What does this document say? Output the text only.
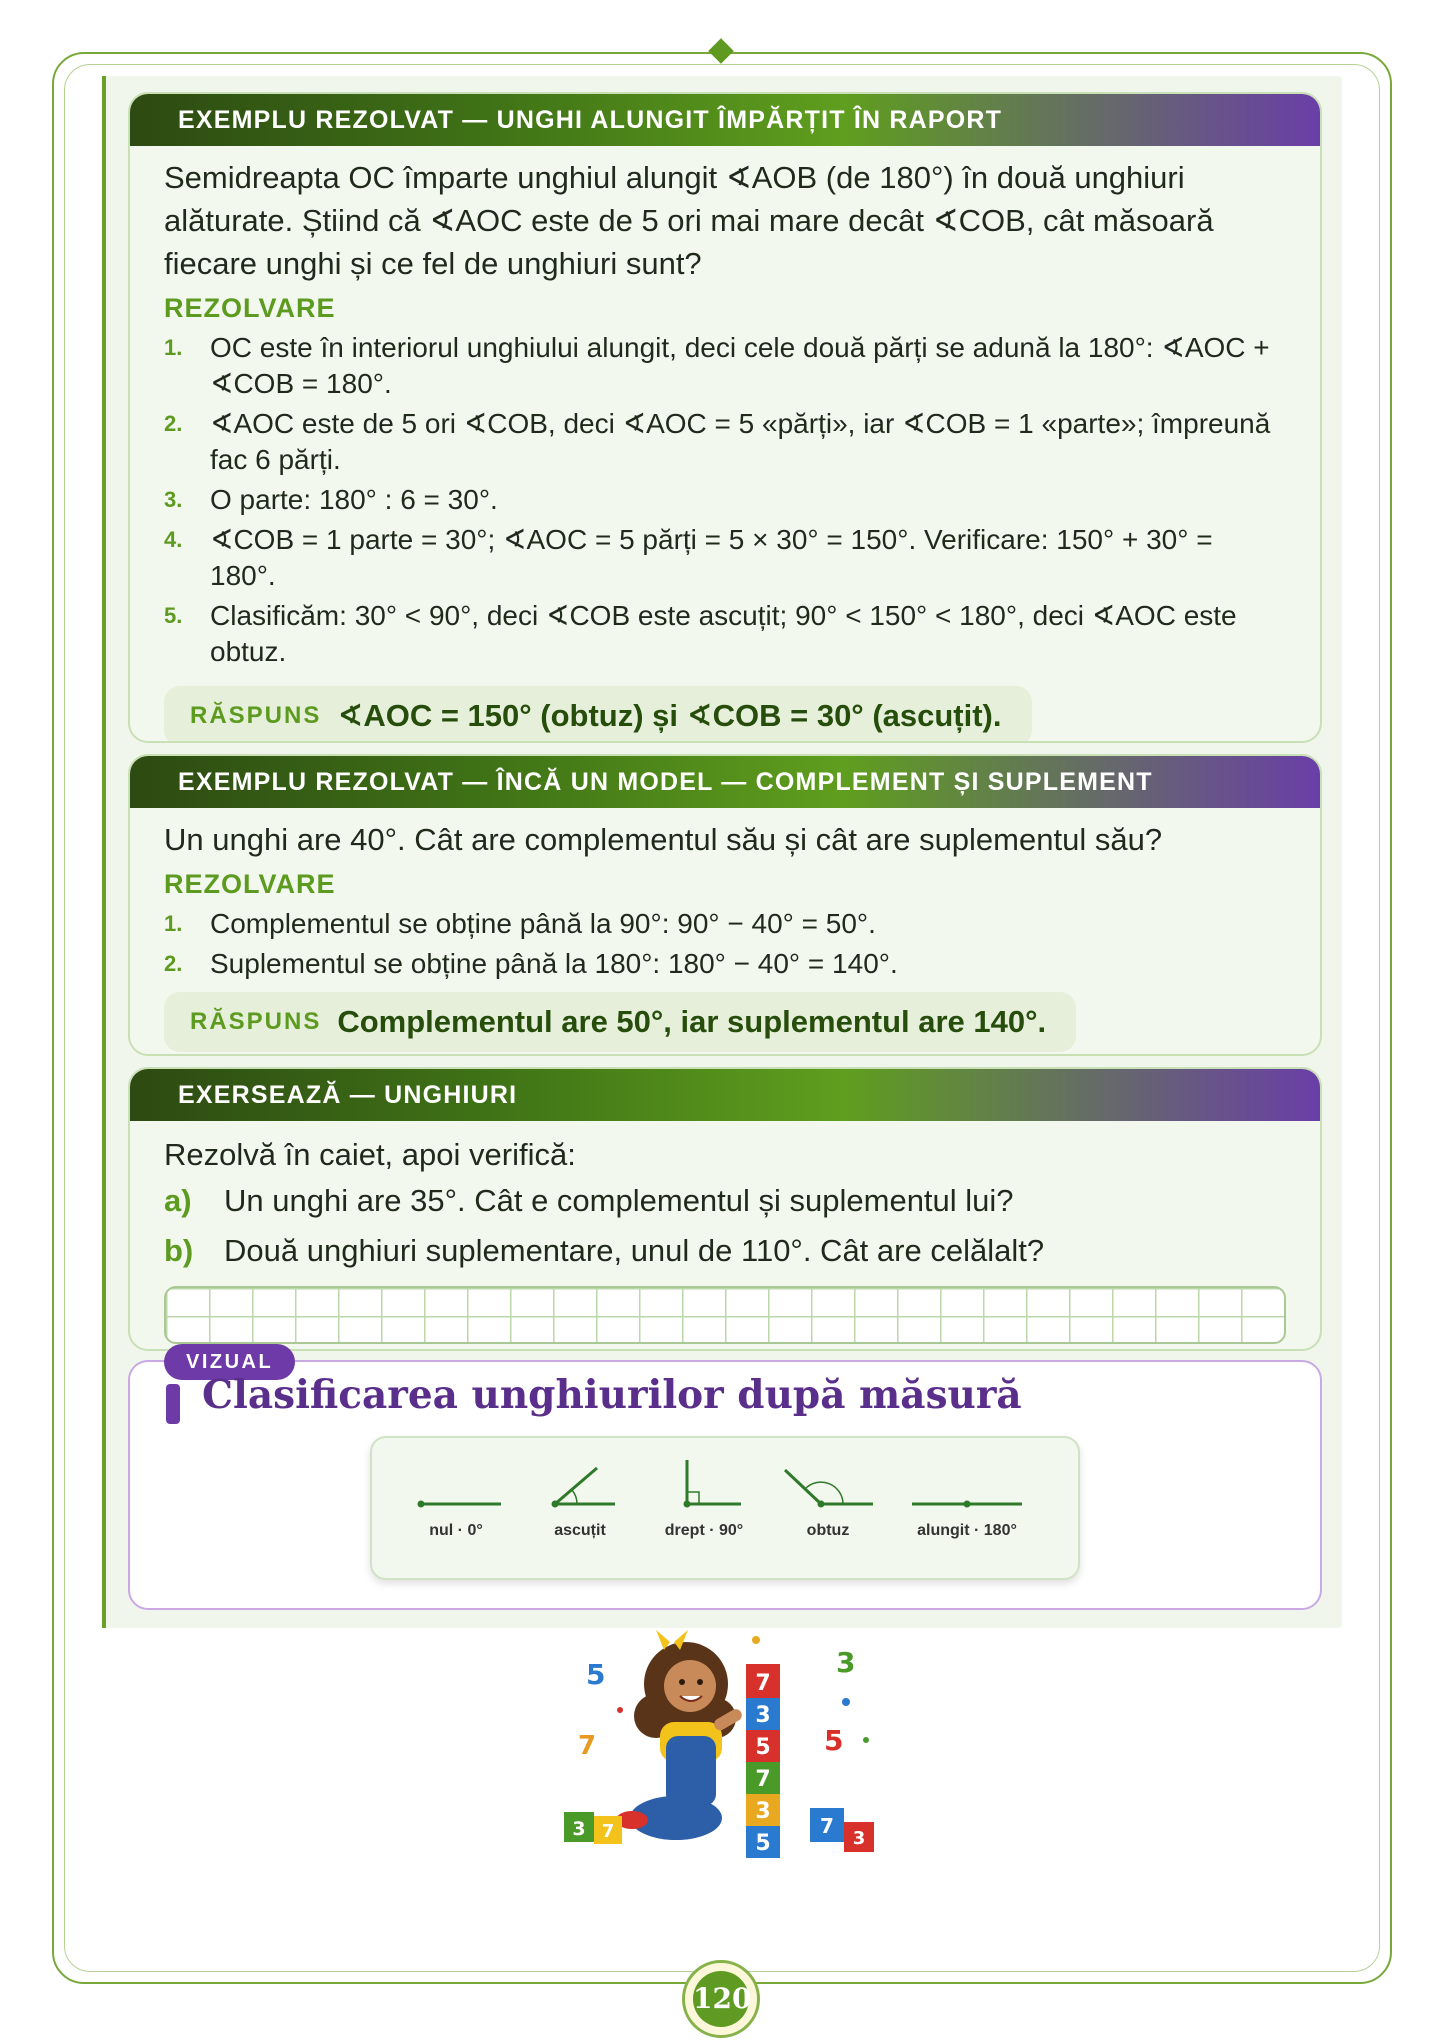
EXEMPLU REZOLVAT — UNGHI ALUNGIT ÎMPĂRȚIT ÎN RAPORT

Semidreapta OC împarte unghiul alungit ∢AOB (de 180°) în două unghiuri alăturate. Știind că ∢AOC este de 5 ori mai mare decât ∢COB, cât măsoară fiecare unghi și ce fel de unghiuri sunt?

REZOLVARE
1. OC este în interiorul unghiului alungit, deci cele două părți se adună la 180°: ∢AOC + ∢COB = 180°.
2. ∢AOC este de 5 ori ∢COB, deci ∢AOC = 5 «părți», iar ∢COB = 1 «parte»; împreună fac 6 părți.
3. O parte: 180° : 6 = 30°.
4. ∢COB = 1 parte = 30°; ∢AOC = 5 părți = 5 × 30° = 150°. Verificare: 150° + 30° = 180°.
5. Clasificăm: 30° < 90°, deci ∢COB este ascuțit; 90° < 150° < 180°, deci ∢AOC este obtuz.
RĂSPUNS ∢AOC = 150° (obtuz) și ∢COB = 30° (ascuțit).
EXEMPLU REZOLVAT — ÎNCĂ UN MODEL — COMPLEMENT ȘI SUPLEMENT

Un unghi are 40°. Cât are complementul său și cât are suplementul său?

REZOLVARE
1. Complementul se obține până la 90°: 90° − 40° = 50°.
2. Suplementul se obține până la 180°: 180° − 40° = 140°.
RĂSPUNS Complementul are 50°, iar suplementul are 140°.
EXERSEAZĂ — UNGHIURI

Rezolvă în caiet, apoi verifică:

a)	Un unghi are 35°. Cât e complementul și suplementul lui?
b) Două unghiuri suplementare, unul de 110°. Cât are celălalt?
VIZUAL
Clasificarea unghiurilor după măsură
nul · 0°	ascuțit	drept · 90°	obtuz	alungit · 180°
5	3
7	5
7
3
5
7
3
5
3 7	7
3
120
